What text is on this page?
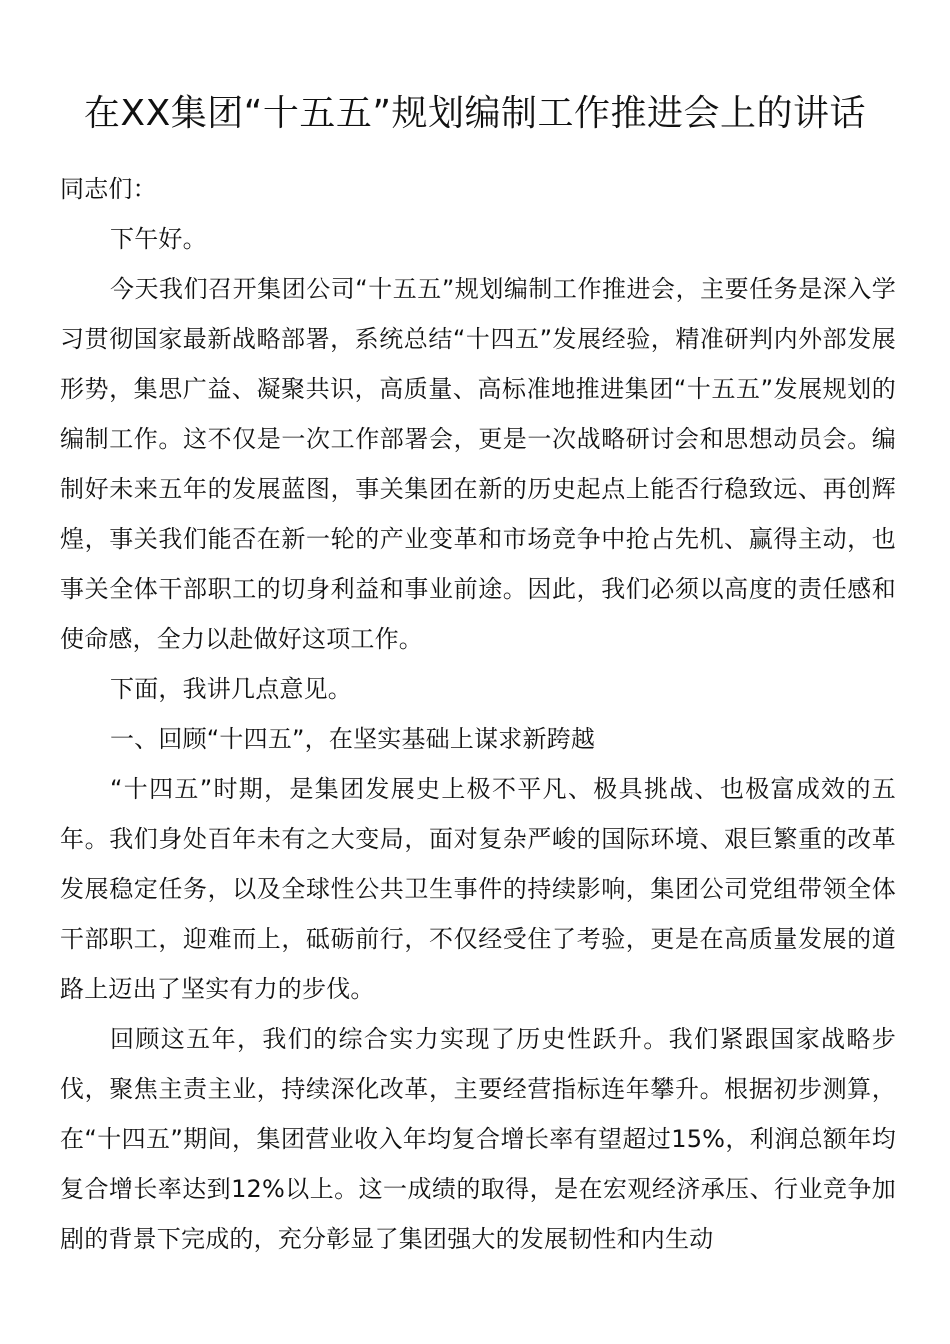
在XX集团“十五五”规划编制工作推进会上的讲话

同志们：

下午好。

今天我们召开集团公司“十五五”规划编制工作推进会，主要任务是深入学习贯彻国家最新战略部署，系统总结“十四五”发展经验，精准研判内外部发展形势，集思广益、凝聚共识，高质量、高标准地推进集团“十五五”发展规划的编制工作。这不仅是一次工作部署会，更是一次战略研讨会和思想动员会。编制好未来五年的发展蓝图，事关集团在新的历史起点上能否行稳致远、再创辉煌，事关我们能否在新一轮的产业变革和市场竞争中抢占先机、赢得主动，也事关全体干部职工的切身利益和事业前途。因此，我们必须以高度的责任感和使命感，全力以赴做好这项工作。

下面，我讲几点意见。

一、回顾“十四五”，在坚实基础上谋求新跨越

“十四五”时期，是集团发展史上极不平凡、极具挑战、也极富成效的五年。我们身处百年未有之大变局，面对复杂严峻的国际环境、艰巨繁重的改革发展稳定任务，以及全球性公共卫生事件的持续影响，集团公司党组带领全体干部职工，迎难而上，砥砺前行，不仅经受住了考验，更是在高质量发展的道路上迈出了坚实有力的步伐。

回顾这五年，我们的综合实力实现了历史性跃升。我们紧跟国家战略步伐，聚焦主责主业，持续深化改革，主要经营指标连年攀升。根据初步测算，在“十四五”期间，集团营业收入年均复合增长率有望超过15%，利润总额年均复合增长率达到12%以上。这一成绩的取得，是在宏观经济承压、行业竞争加剧的背景下完成的，充分彰显了集团强大的发展韧性和内生动
